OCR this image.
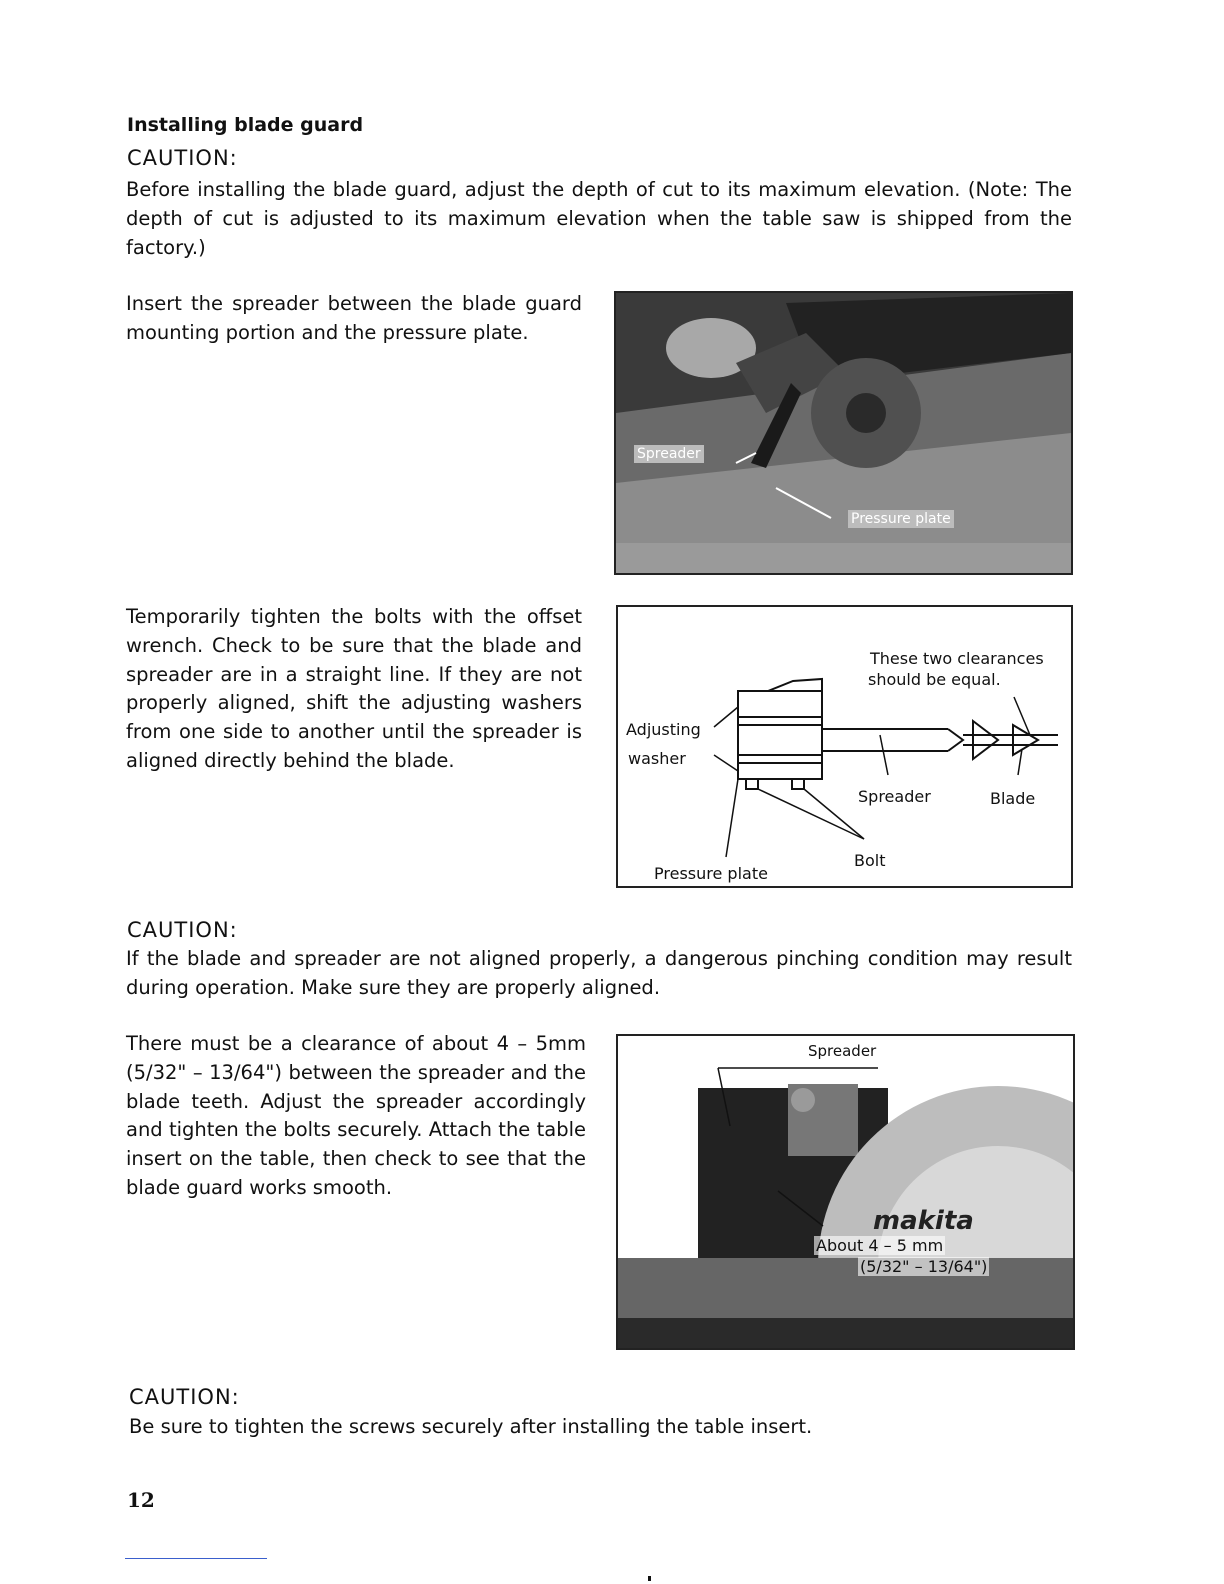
Installing blade guard
CAUTION:
Before installing the blade guard, adjust the depth of cut to its maximum elevation. (Note: The depth of cut is adjusted to its maximum elevation when the table saw is shipped from the factory.)
Insert the spreader between the blade guard mounting portion and the pressure plate.
Spreader
Pressure plate
Temporarily tighten the bolts with the offset wrench. Check to be sure that the blade and spreader are in a straight line. If they are not properly aligned, shift the adjusting washers from one side to another until the spreader is aligned directly behind the blade.
These two clearances
should be equal.
Adjusting
washer
Spreader	Blade
Bolt
Pressure plate
CAUTION:
If the blade and spreader are not aligned properly, a dangerous pinching condition may result during operation. Make sure they are properly aligned.
There must be a clearance of about 4 – 5mm (5/32" – 13/64") between the spreader and the blade teeth. Adjust the spreader accordingly and tighten the bolts securely. Attach the table insert on the table, then check to see that the blade guard works smooth.
Spreader
makita
About 4 – 5 mm
(5/32" – 13/64")
CAUTION:
Be sure to tighten the screws securely after installing the table insert.
12
